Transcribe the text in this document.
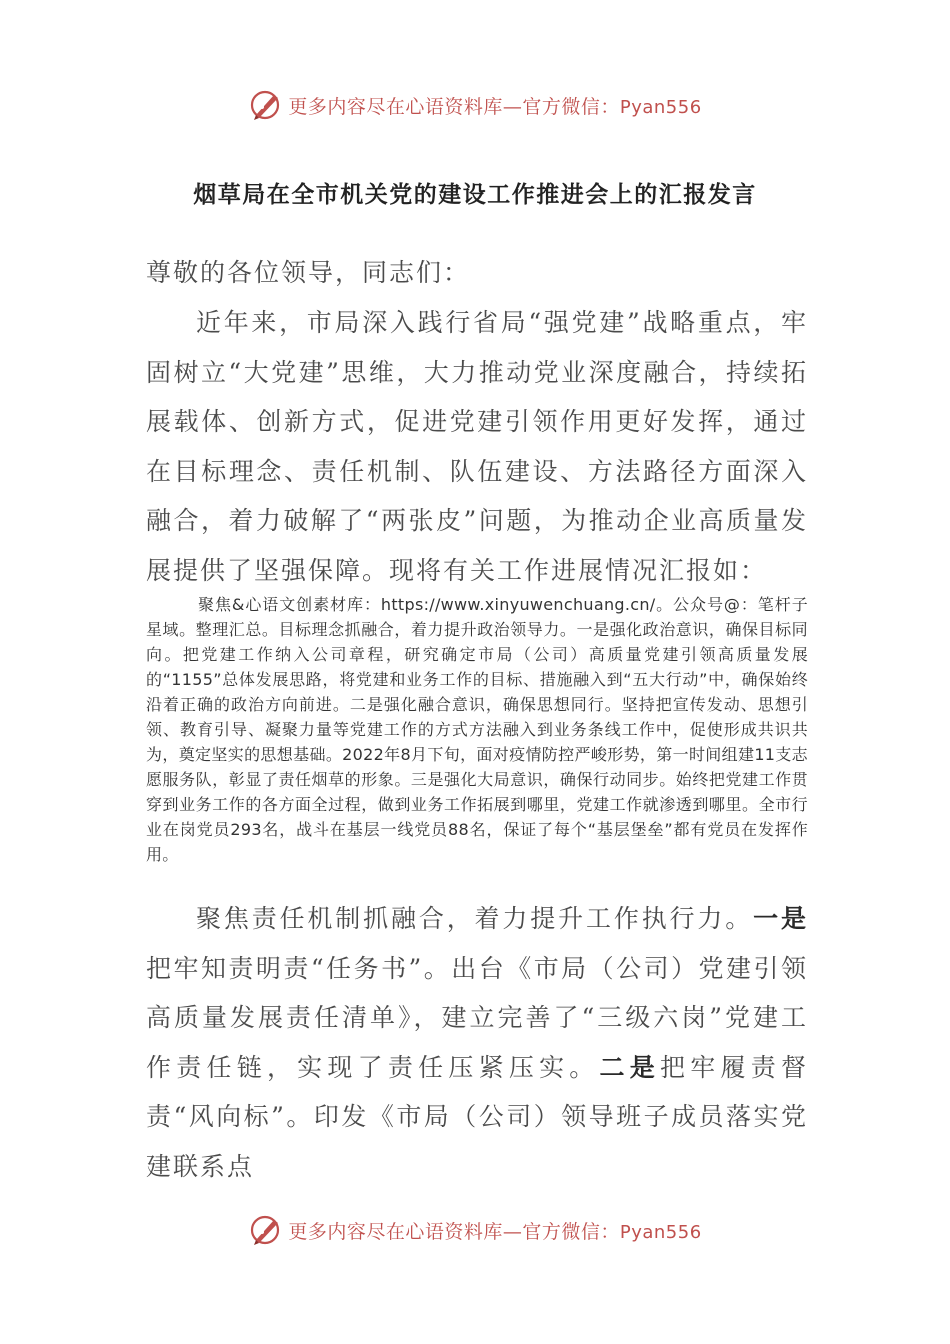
更多内容尽在心语资料库—官方微信：Pyan556
烟草局在全市机关党的建设工作推进会上的汇报发言
尊敬的各位领导，同志们：
近年来，市局深入践行省局“强党建”战略重点，牢固树立“大党建”思维，大力推动党业深度融合，持续拓展载体、创新方式，促进党建引领作用更好发挥，通过在目标理念、责任机制、队伍建设、方法路径方面深入融合，着力破解了“两张皮”问题，为推动企业高质量发展提供了坚强保障。现将有关工作进展情况汇报如：
聚焦&心语文创素材库：https://www.xinyuwenchuang.cn/。公众号@：笔杆子星域。整理汇总。目标理念抓融合，着力提升政治领导力。一是强化政治意识，确保目标同向。把党建工作纳入公司章程，研究确定市局（公司）高质量党建引领高质量发展的“1155”总体发展思路，将党建和业务工作的目标、措施融入到“五大行动”中，确保始终沿着正确的政治方向前进。二是强化融合意识，确保思想同行。坚持把宣传发动、思想引领、教育引导、凝聚力量等党建工作的方式方法融入到业务条线工作中，促使形成共识共为，奠定坚实的思想基础。2022年8月下旬，面对疫情防控严峻形势，第一时间组建11支志愿服务队，彰显了责任烟草的形象。三是强化大局意识，确保行动同步。始终把党建工作贯穿到业务工作的各方面全过程，做到业务工作拓展到哪里，党建工作就渗透到哪里。全市行业在岗党员293名，战斗在基层一线党员88名，保证了每个“基层堡垒”都有党员在发挥作用。
聚焦责任机制抓融合，着力提升工作执行力。一是把牢知责明责“任务书”。出台《市局（公司）党建引领高质量发展责任清单》，建立完善了“三级六岗”党建工作责任链，实现了责任压紧压实。二是把牢履责督责“风向标”。印发《市局（公司）领导班子成员落实党建联系点
更多内容尽在心语资料库—官方微信：Pyan556
